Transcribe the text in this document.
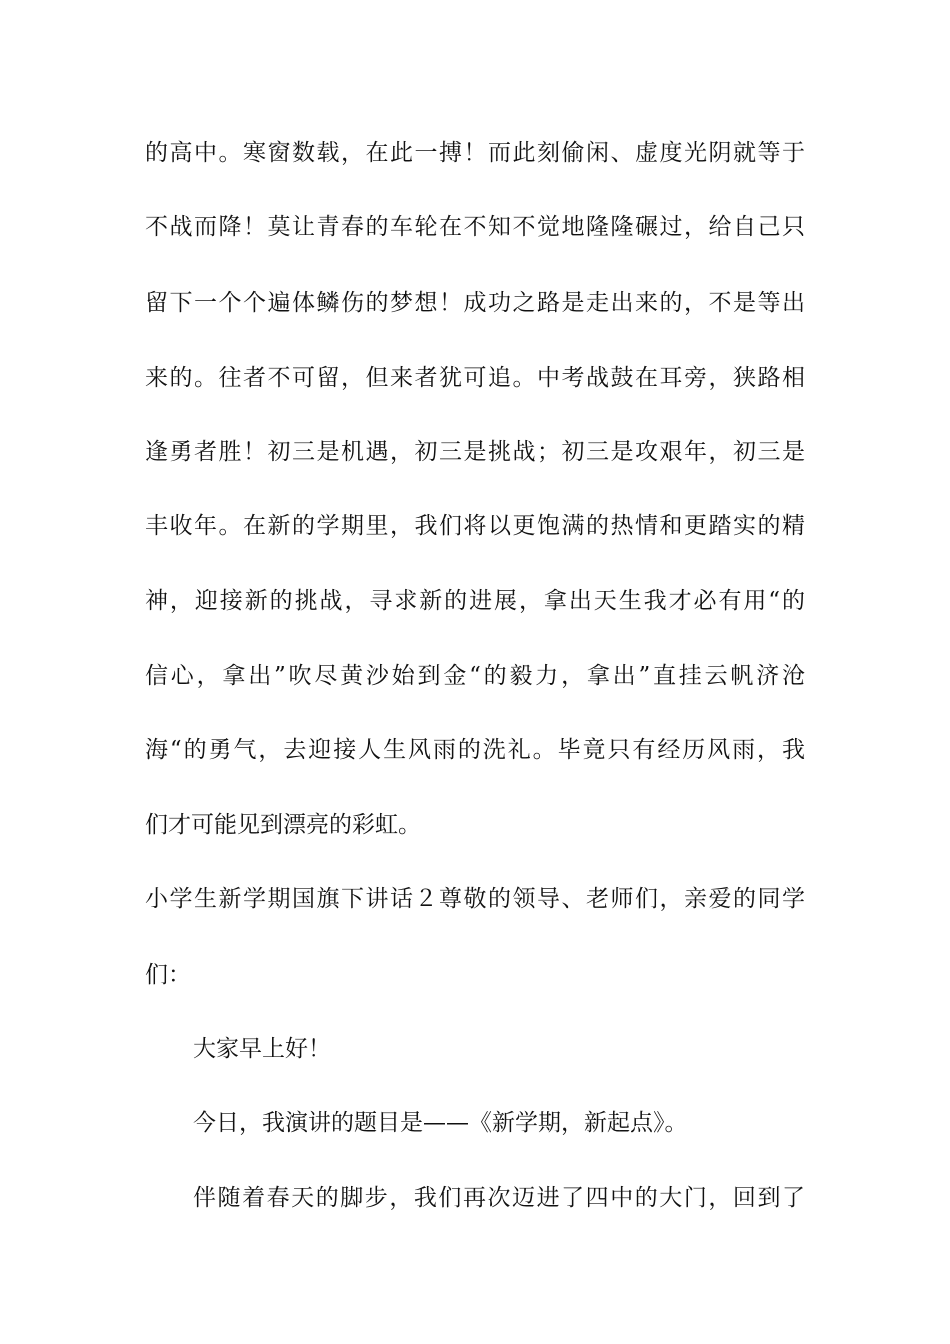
的高中。寒窗数载，在此一搏！而此刻偷闲、虚度光阴就等于
不战而降！莫让青春的车轮在不知不觉地隆隆碾过，给自己只
留下一个个遍体鳞伤的梦想！成功之路是走出来的，不是等出
来的。往者不可留，但来者犹可追。中考战鼓在耳旁，狭路相
逢勇者胜！初三是机遇，初三是挑战；初三是攻艰年，初三是
丰收年。在新的学期里，我们将以更饱满的热情和更踏实的精
神，迎接新的挑战，寻求新的进展，拿出天生我才必有用“的
信心，拿出”吹尽黄沙始到金“的毅力，拿出”直挂云帆济沧
海“的勇气，去迎接人生风雨的洗礼。毕竟只有经历风雨，我
们才可能见到漂亮的彩虹。
小学生新学期国旗下讲话２尊敬的领导、老师们，亲爱的同学
们：
大家早上好！
今日，我演讲的题目是——《新学期，新起点》。
伴随着春天的脚步，我们再次迈进了四中的大门，回到了
